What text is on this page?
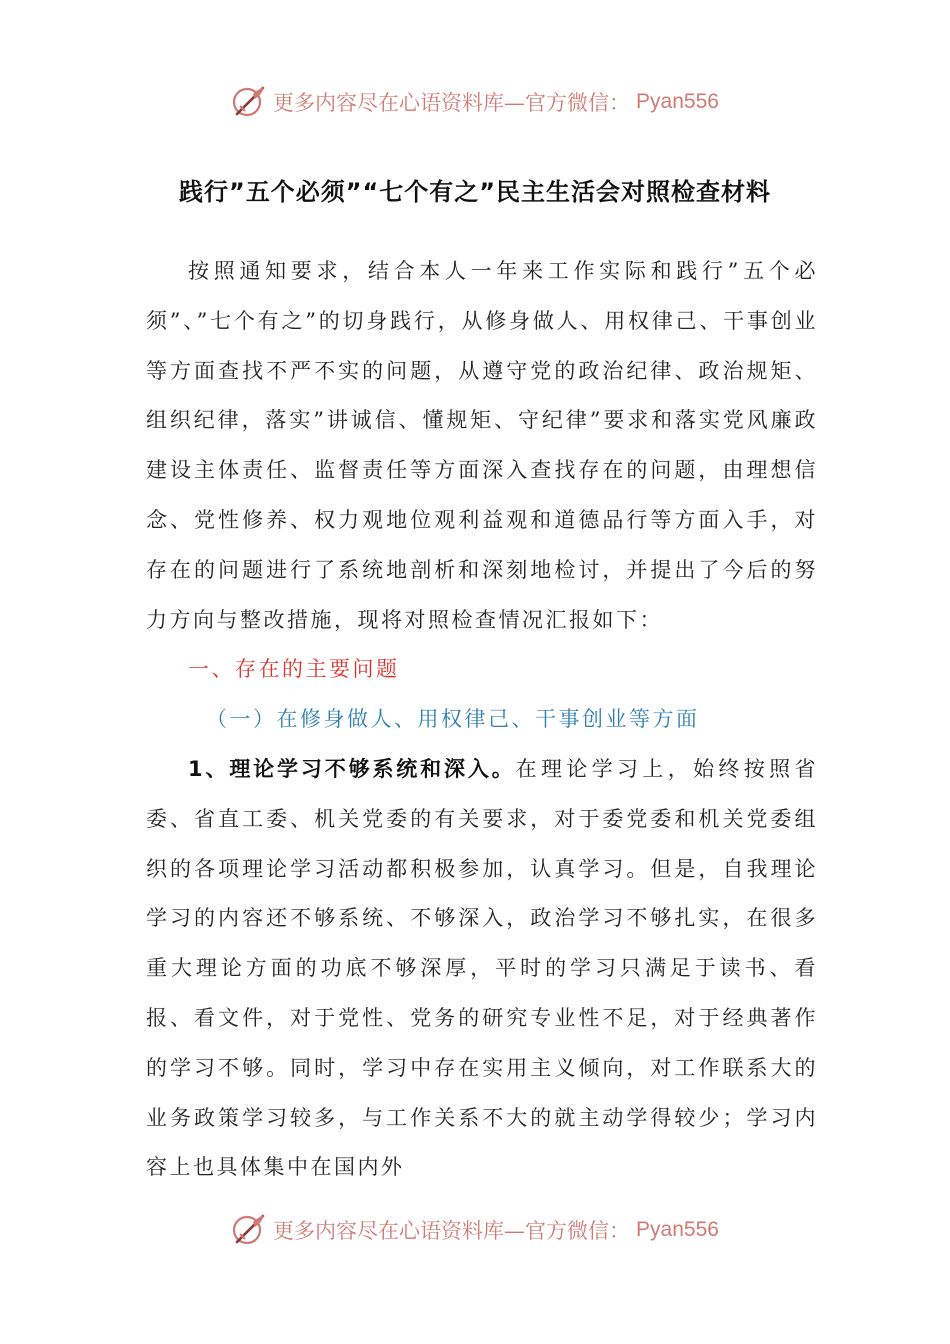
更多内容尽在心语资料库—官方微信： Pyan556
践行”五个必须”“七个有之”民主生活会对照检查材料

按照通知要求，结合本人一年来工作实际和践行”五个必须”、”七个有之”的切身践行，从修身做人、用权律己、干事创业等方面查找不严不实的问题，从遵守党的政治纪律、政治规矩、组织纪律，落实”讲诚信、懂规矩、守纪律”要求和落实党风廉政建设主体责任、监督责任等方面深入查找存在的问题，由理想信念、党性修养、权力观地位观利益观和道德品行等方面入手，对存在的问题进行了系统地剖析和深刻地检讨，并提出了今后的努力方向与整改措施，现将对照检查情况汇报如下：

一、存在的主要问题

（一）在修身做人、用权律己、干事创业等方面

1、理论学习不够系统和深入。在理论学习上，始终按照省委、省直工委、机关党委的有关要求，对于委党委和机关党委组织的各项理论学习活动都积极参加，认真学习。但是，自我理论学习的内容还不够系统、不够深入，政治学习不够扎实，在很多重大理论方面的功底不够深厚，平时的学习只满足于读书、看报、看文件，对于党性、党务的研究专业性不足，对于经典著作的学习不够。同时，学习中存在实用主义倾向，对工作联系大的业务政策学习较多，与工作关系不大的就主动学得较少；学习内容上也具体集中在国内外

更多内容尽在心语资料库—官方微信： Pyan556
